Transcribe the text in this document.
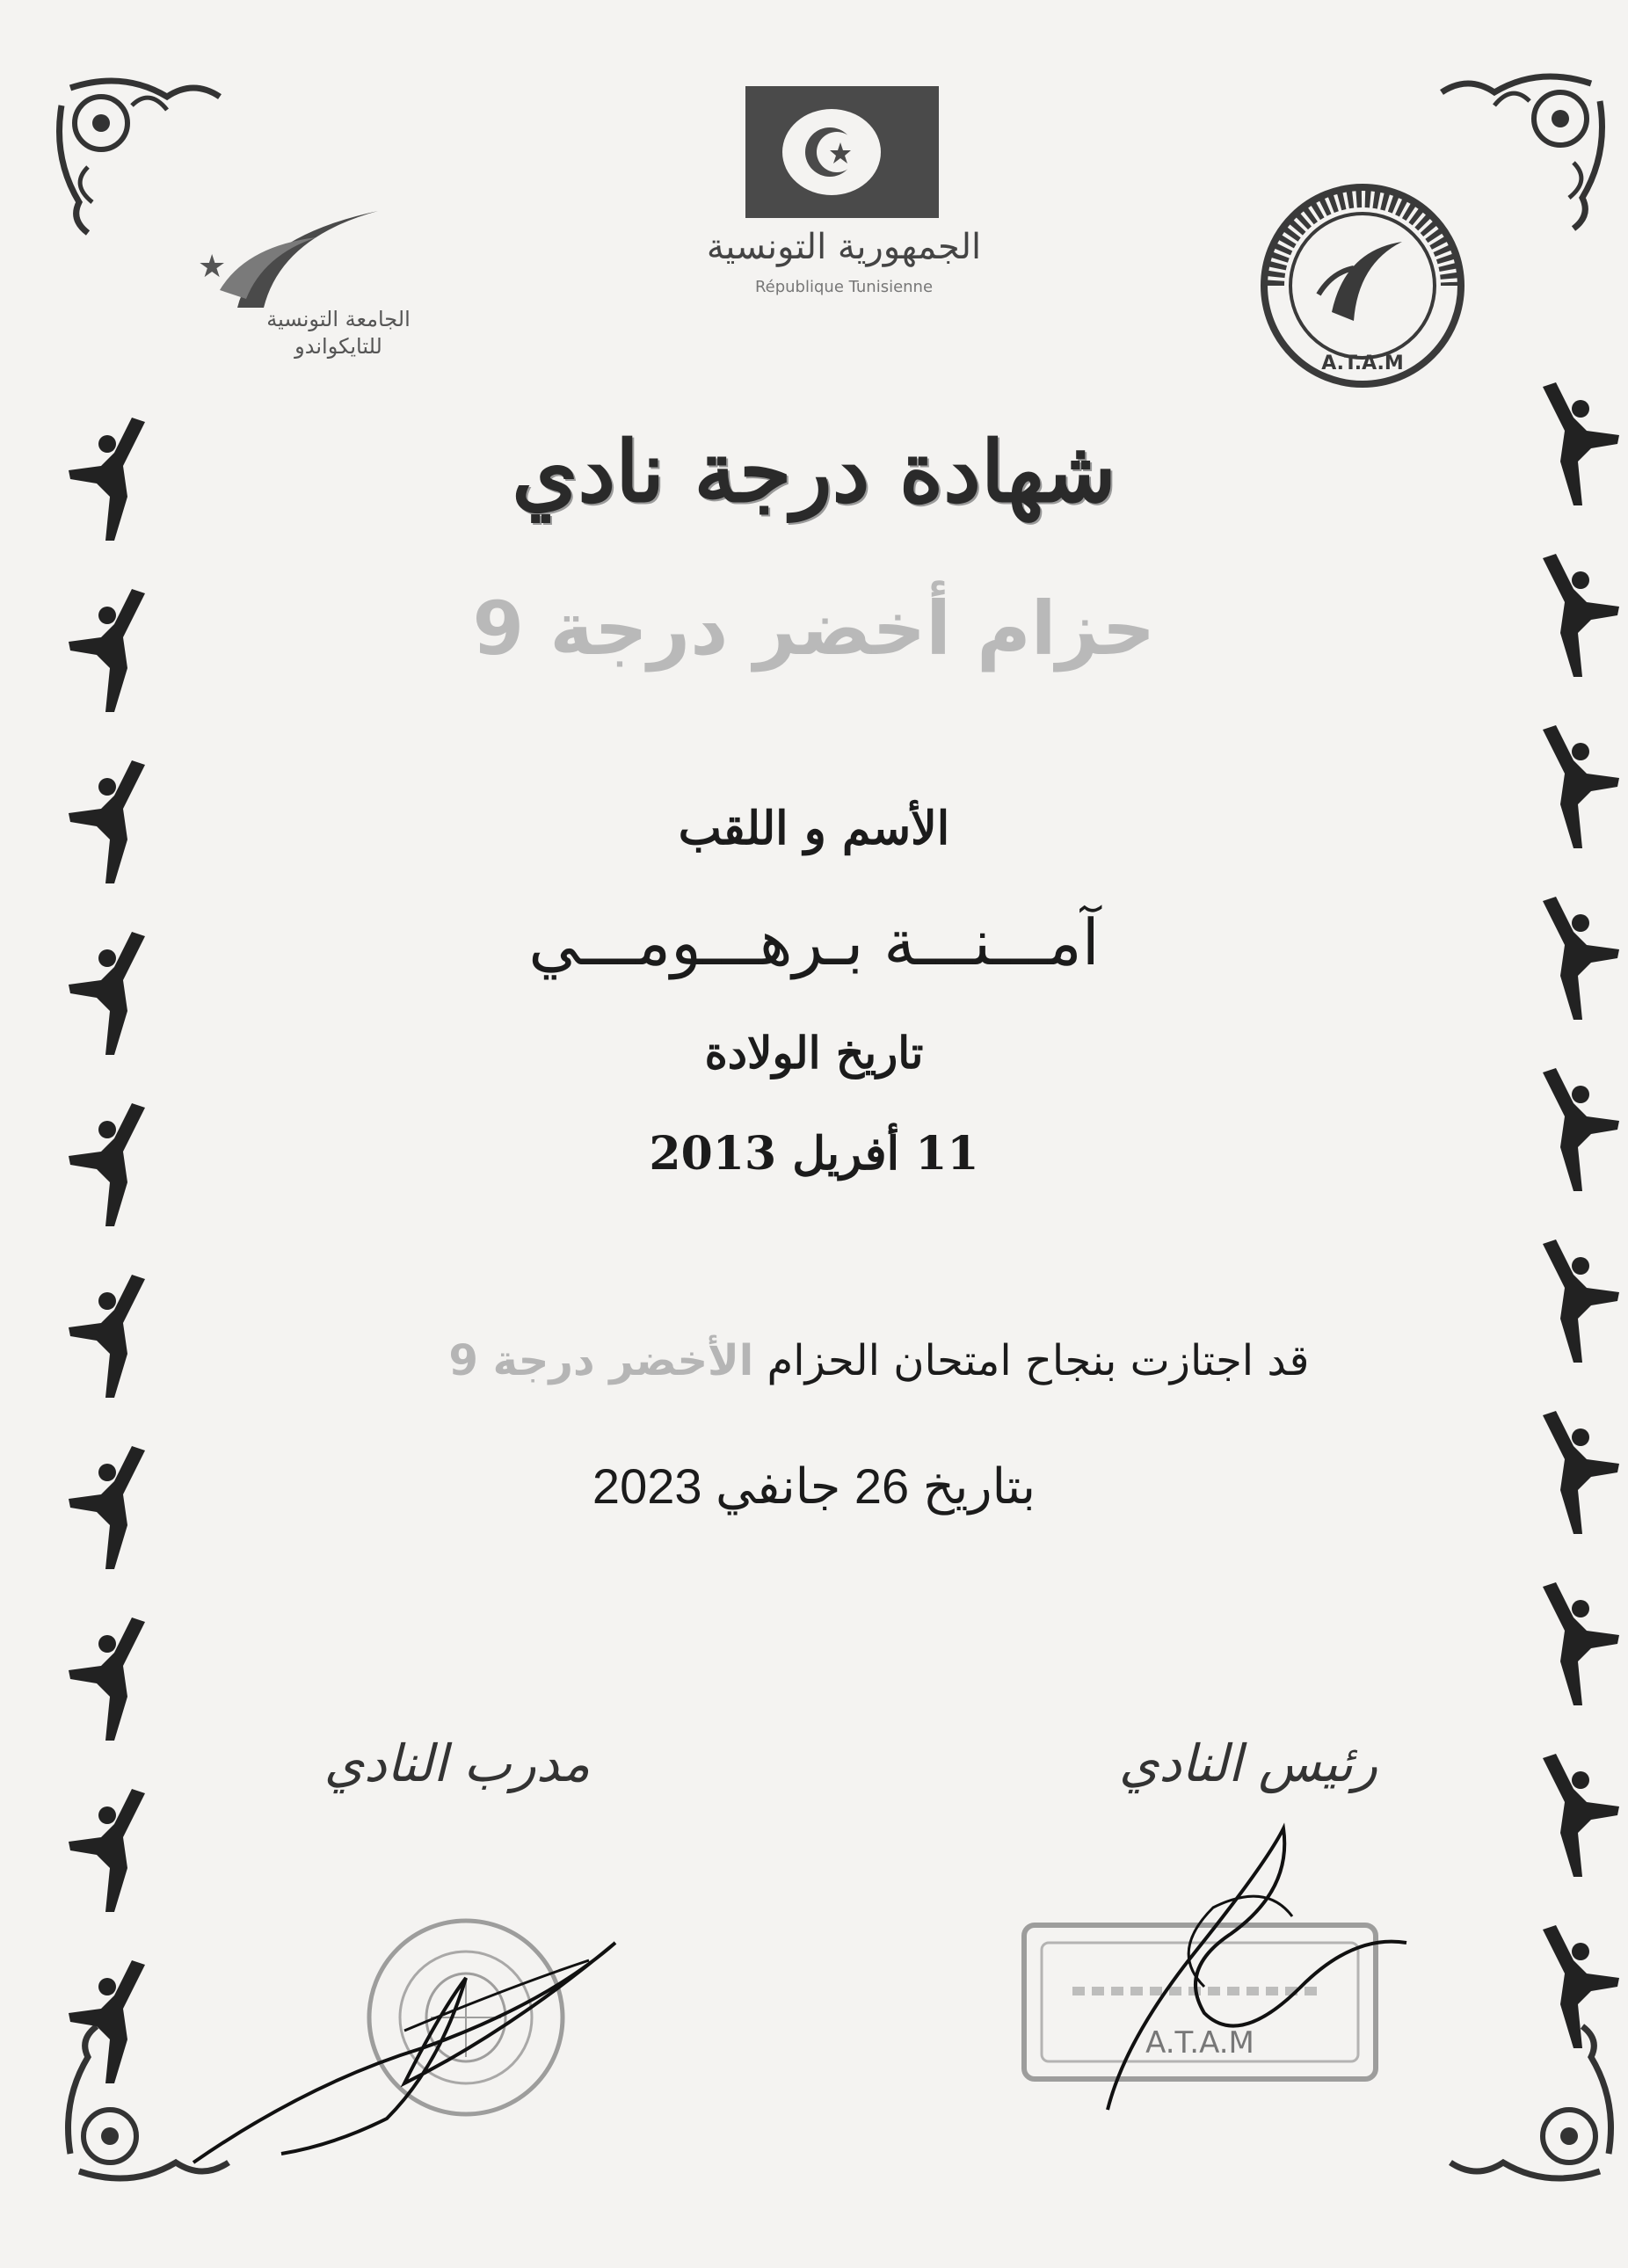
★
الجامعة التونسية للتايكواندو
الجمهورية التونسية
République Tunisienne
A.T.A.M
شهادة درجة نادي
حزام أخضر درجة 9
الأسم و اللقب
آمـــنـــة بـرهـــومـــي
تاريخ الولادة
11 أفريل 2013
قد اجتازت بنجاح امتحان الحزام الأخضر درجة 9
بتاريخ 26 جانفي 2023
مدرب النادي	رئيس النادي
A.T.A.M
